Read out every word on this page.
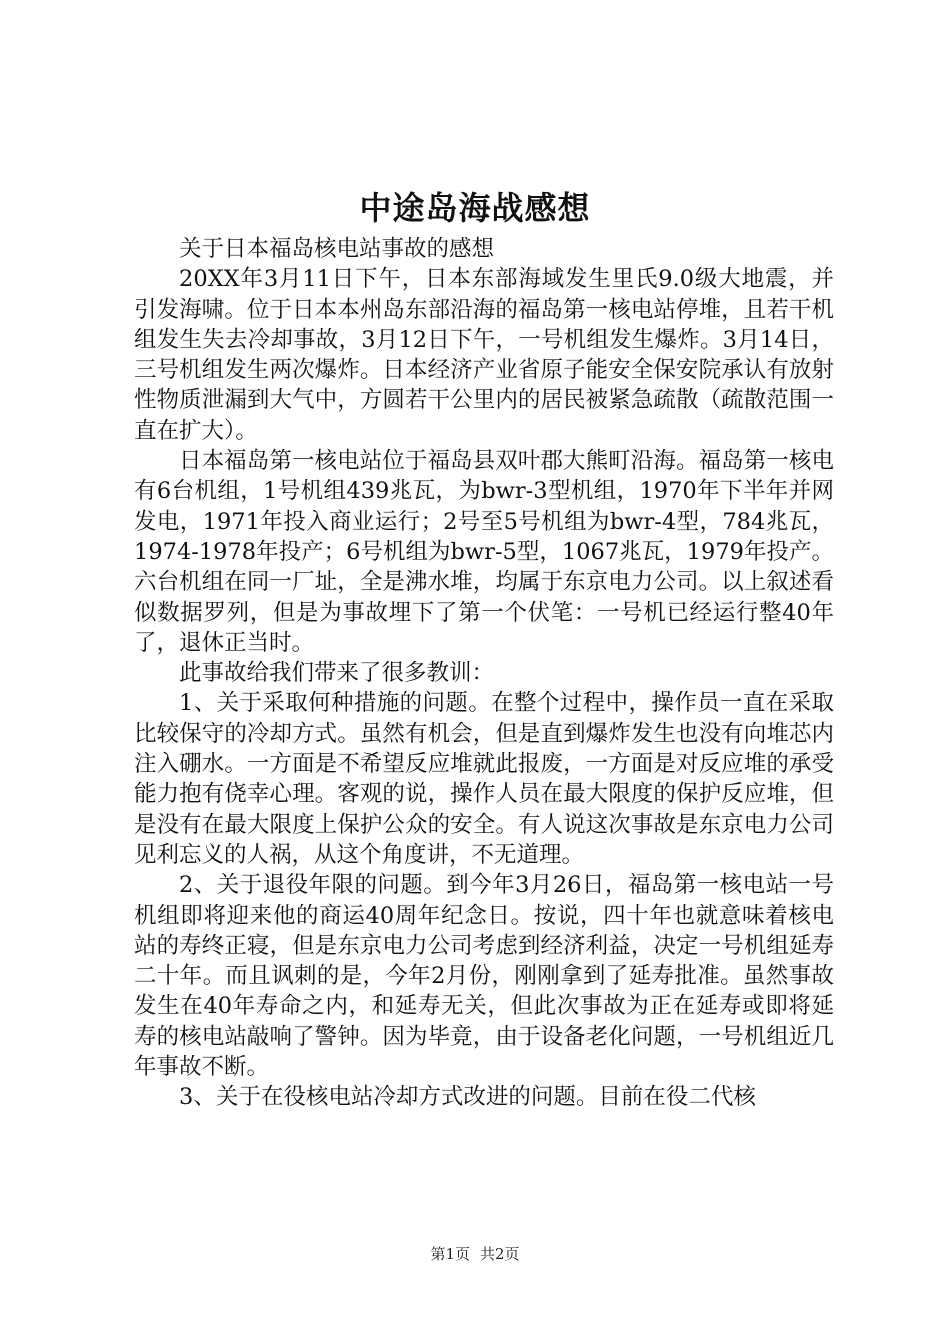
中途岛海战感想

关于日本福岛核电站事故的感想

20XX年3月11日下午，日本东部海域发生里氏9.0级大地震，并引发海啸。位于日本本州岛东部沿海的福岛第一核电站停堆，且若干机组发生失去冷却事故，3月12日下午，一号机组发生爆炸。3月14日，三号机组发生两次爆炸。日本经济产业省原子能安全保安院承认有放射性物质泄漏到大气中，方圆若干公里内的居民被紧急疏散（疏散范围一直在扩大）。

日本福岛第一核电站位于福岛县双叶郡大熊町沿海。福岛第一核电有6台机组，1号机组439兆瓦，为bwr-3型机组，1970年下半年并网发电，1971年投入商业运行；2号至5号机组为bwr-4型，784兆瓦，1974-1978年投产；6号机组为bwr-5型，1067兆瓦，1979年投产。六台机组在同一厂址，全是沸水堆，均属于东京电力公司。以上叙述看似数据罗列，但是为事故埋下了第一个伏笔：一号机已经运行整40年了，退休正当时。

此事故给我们带来了很多教训：

1、关于采取何种措施的问题。在整个过程中，操作员一直在采取比较保守的冷却方式。虽然有机会，但是直到爆炸发生也没有向堆芯内注入硼水。一方面是不希望反应堆就此报废，一方面是对反应堆的承受能力抱有侥幸心理。客观的说，操作人员在最大限度的保护反应堆，但是没有在最大限度上保护公众的安全。有人说这次事故是东京电力公司见利忘义的人祸，从这个角度讲，不无道理。

2、关于退役年限的问题。到今年3月26日，福岛第一核电站一号机组即将迎来他的商运40周年纪念日。按说，四十年也就意味着核电站的寿终正寝，但是东京电力公司考虑到经济利益，决定一号机组延寿二十年。而且讽刺的是，今年2月份，刚刚拿到了延寿批准。虽然事故发生在40年寿命之内，和延寿无关，但此次事故为正在延寿或即将延寿的核电站敲响了警钟。因为毕竟，由于设备老化问题，一号机组近几年事故不断。

3、关于在役核电站冷却方式改进的问题。目前在役二代核

第1页 共2页
